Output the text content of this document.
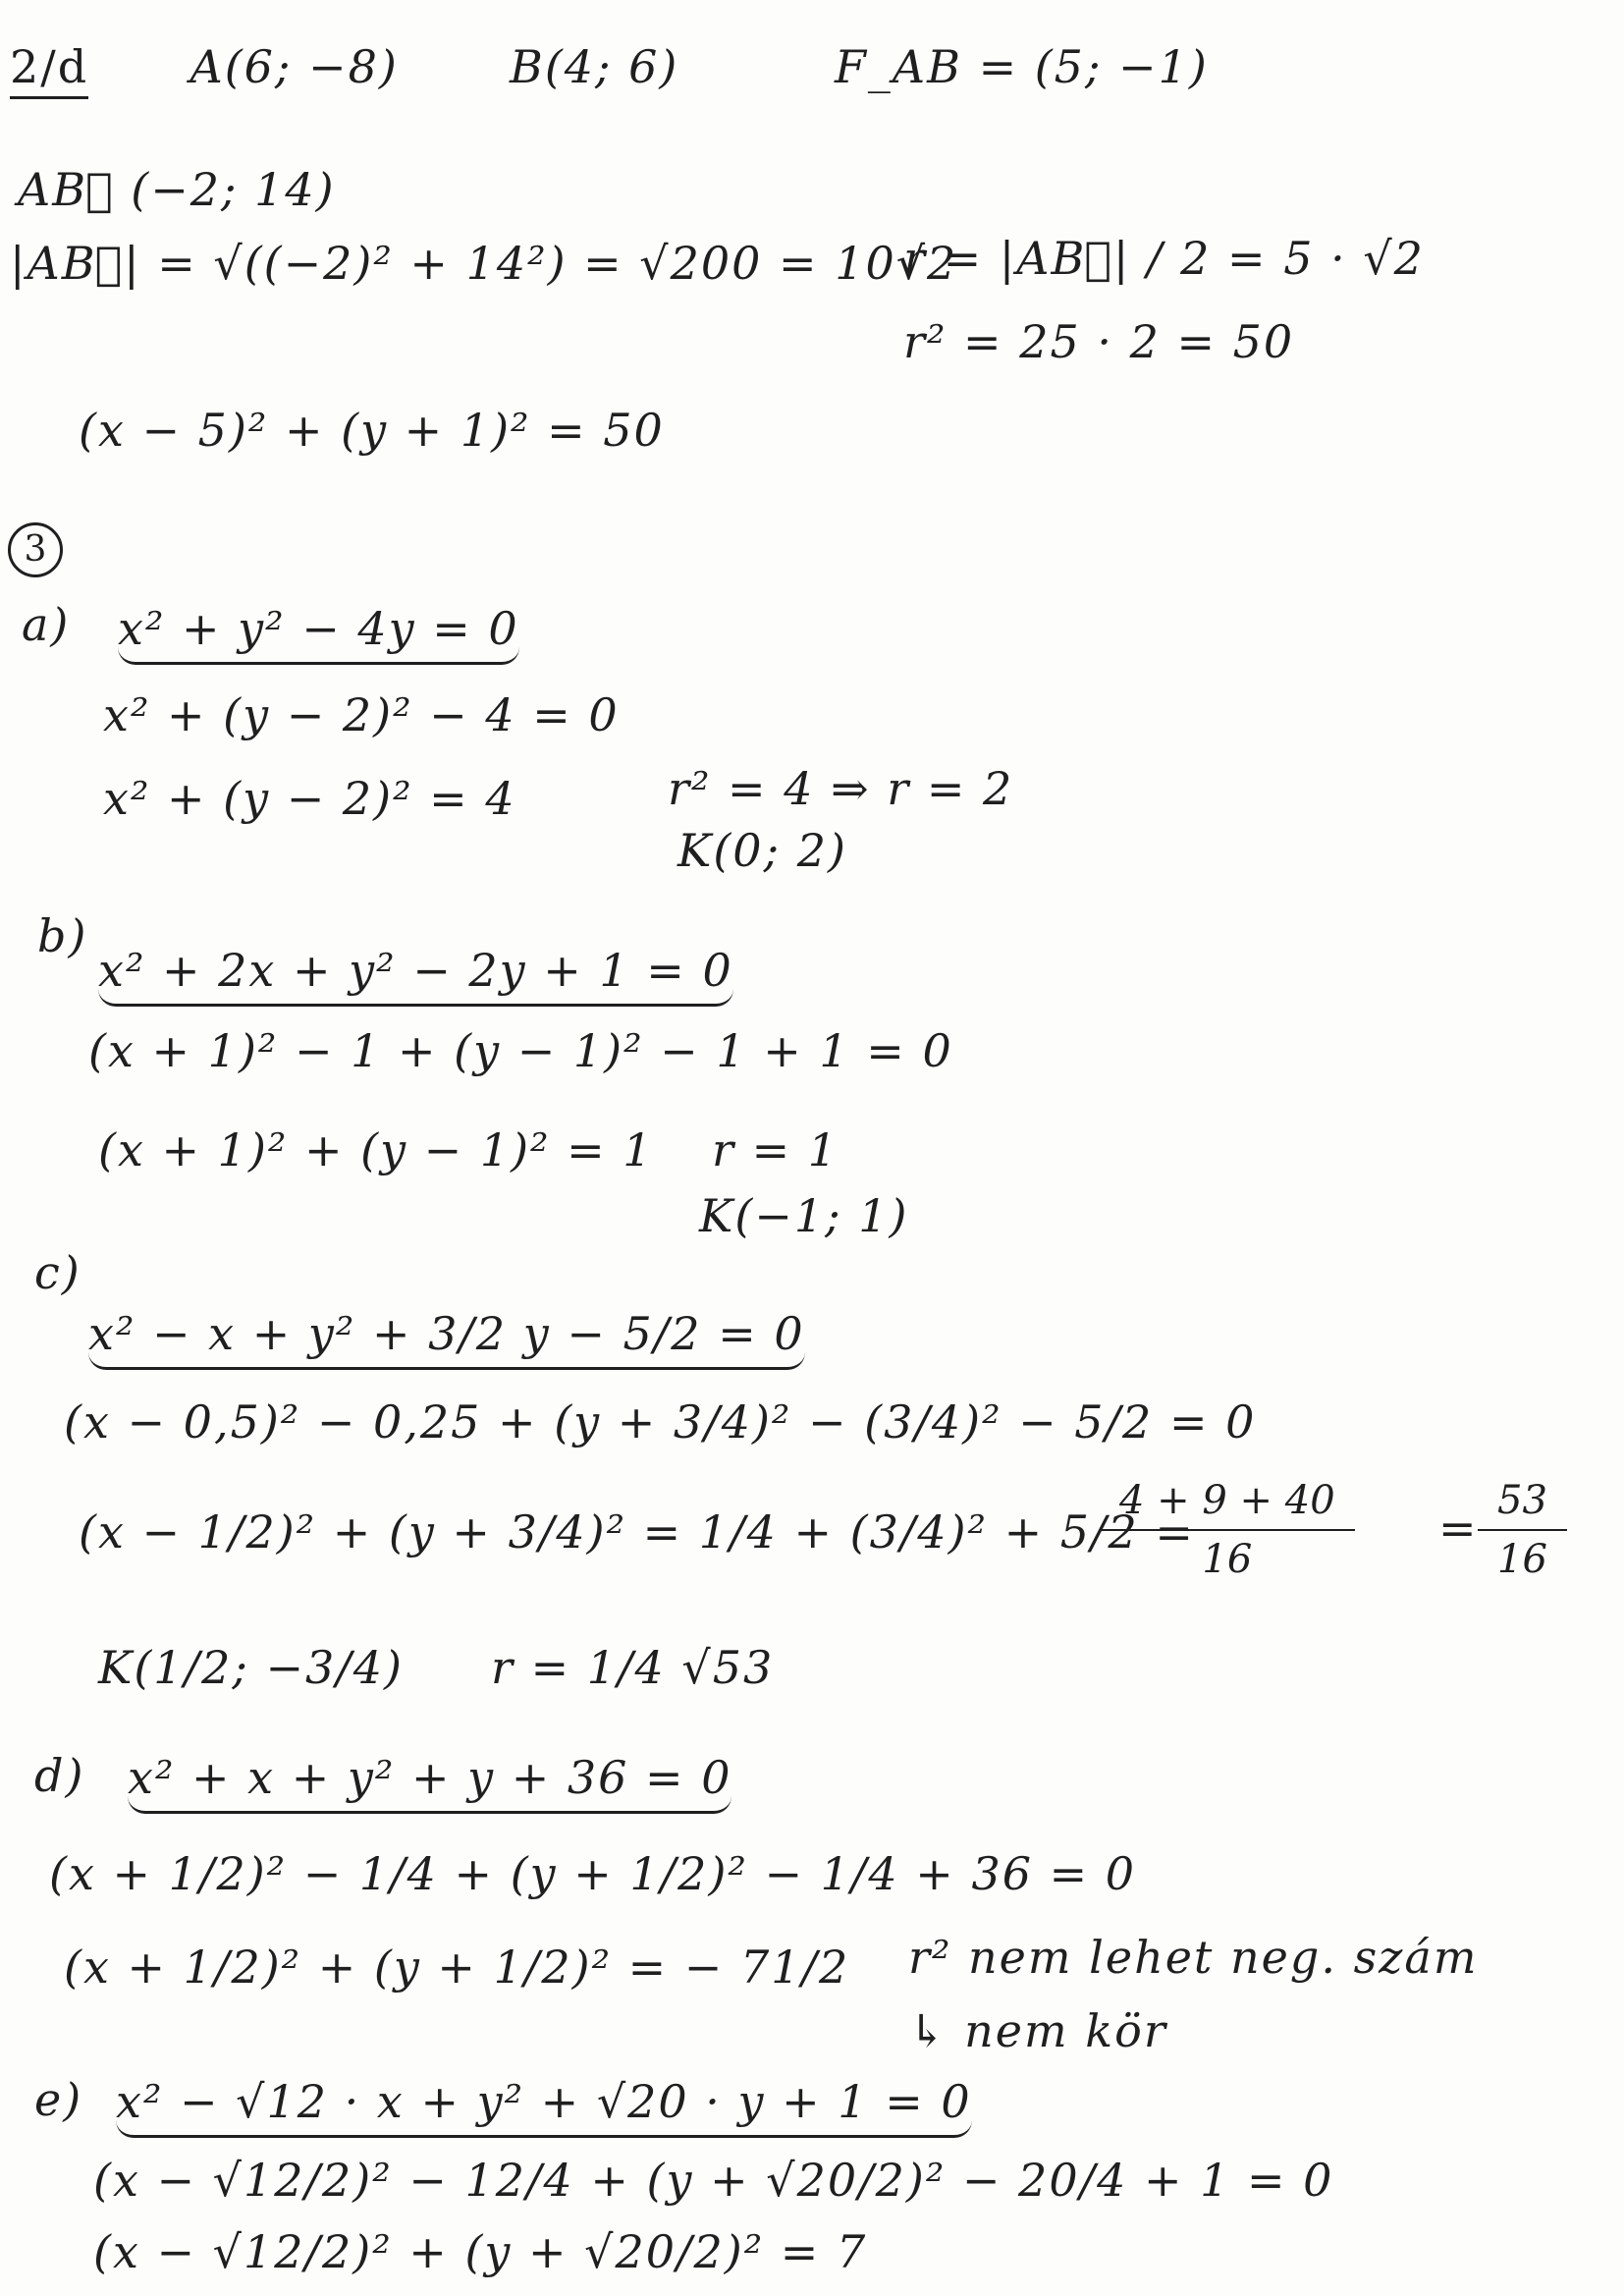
2/d A(6; −8) B(4; 6)	F_AB = (5; −1)
AB⃗ (−2; 14)
|AB⃗| = √((−2)² + 14²) = √200 = 10√2
r = |AB⃗| / 2 = 5 · √2
r² = 25 · 2 = 50
(x − 5)² + (y + 1)² = 50
3
a) x² + y² − 4y = 0
x² + (y − 2)² − 4 = 0
x² + (y − 2)² = 4	r² = 4 ⇒ r = 2
K(0; 2)
b)
x² + 2x + y² − 2y + 1 = 0
(x + 1)² − 1 + (y − 1)² − 1 + 1 = 0
(x + 1)² + (y − 1)² = 1 r = 1
K(−1; 1)
c)
x² − x + y² + 3/2 y − 5/2 = 0
(x − 0,5)² − 0,25 + (y + 3/4)² − (3/4)² − 5/2 = 0
(x − 1/2)² + (y + 3/4)² = 1/4 + (3/4)² + 5/2 =
$\frac{4 + 9 + 40}{16} = \frac{53}{16}$
K(1/2; −3/4) r = 1/4 √53
d) x² + x + y² + y + 36 = 0
(x + 1/2)² − 1/4 + (y + 1/2)² − 1/4 + 36 = 0
(x + 1/2)² + (y + 1/2)² = − 71/2 r² nem lehet neg. szám
↳ nem kör
e) x² − √12 · x + y² + √20 · y + 1 = 0
(x − √12/2)² − 12/4 + (y + √20/2)² − 20/4 + 1 = 0
(x − √12/2)² + (y + √20/2)² = 7
